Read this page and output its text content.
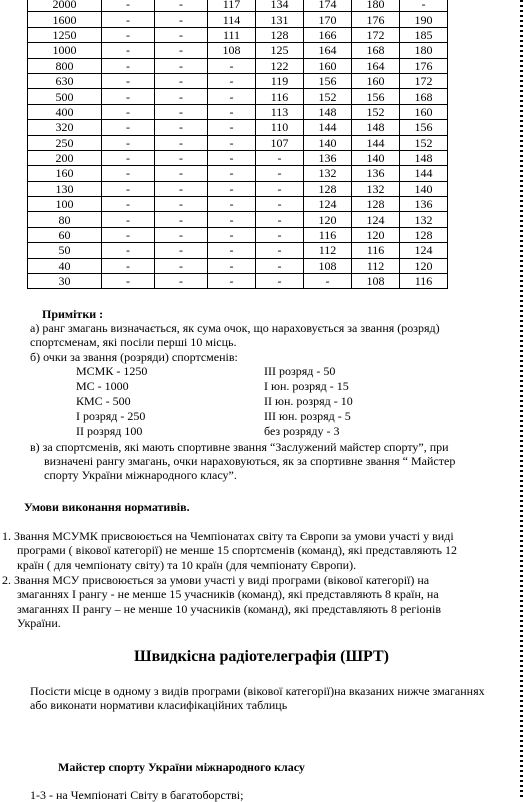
2000	-	-	117	134	174	180	-
1600	-	-	114	131	170	176	190
1250	-	-	111	128	166	172	185
1000	-	-	108	125	164	168	180
800	-	-	-	122	160	164	176
630	-	-	-	119	156	160	172
500	-	-	-	116	152	156	168
400	-	-	-	113	148	152	160
320	-	-	-	110	144	148	156
250	-	-	-	107	140	144	152
200	-	-	-	-	136	140	148
160	-	-	-	-	132	136	144
130	-	-	-	-	128	132	140
100	-	-	-	-	124	128	136
80	-	-	-	-	120	124	132
60	-	-	-	-	116	120	128
50	-	-	-	-	112	116	124
40	-	-	-	-	108	112	120
30	-	-	-	-	-	108	116
Примітки :
а) ранг змагань визначається, як сума очок, що нараховується за звання (розряд)
спортсменам, які посіли перші 10 місць.
б) очки за звання (розряди) спортсменів:
МСМК - 1250
МС - 1000
КМС - 500
І розряд - 250
ІІ розряд 100
ІІІ розряд - 50
І юн. розряд - 15
ІІ юн. розряд - 10
ІІІ юн. розряд - 5
без розряду - 3
в) за спортсменів, які мають спортивне звання “Заслужений майстер спорту”, при
визначені рангу змагань, очки нараховуються, як за спортивне звання “ Майстер
спорту України міжнародного класу”.
Умови виконання нормативів.
1. Звання МСУМК присвоюється на Чемпіонатах світу та Європи за умови участі у виді
програми ( вікової категорії) не менше 15 спортсменів (команд), які представляють 12
країн ( для чемпіонату світу) та 10 країн (для чемпіонату Європи).
2. Звання МСУ присвоюється за умови участі у виді програми (вікової категорії) на
змаганнях І рангу - не менше 15 учасників (команд), які представляють 8 країн, на
змаганнях ІІ рангу – не менше 10 учасників (команд), які представляють 8 регіонів
України.
Швидкісна радіотелеграфія (ШРТ)
Посісти місце в одному з видів програми (вікової категорії)на вказаних нижче змаганнях
або виконати нормативи класифікаційних таблиць
Майстер спорту України міжнародного класу
1-3 - на Чемпіонаті Світу в багатоборстві;
